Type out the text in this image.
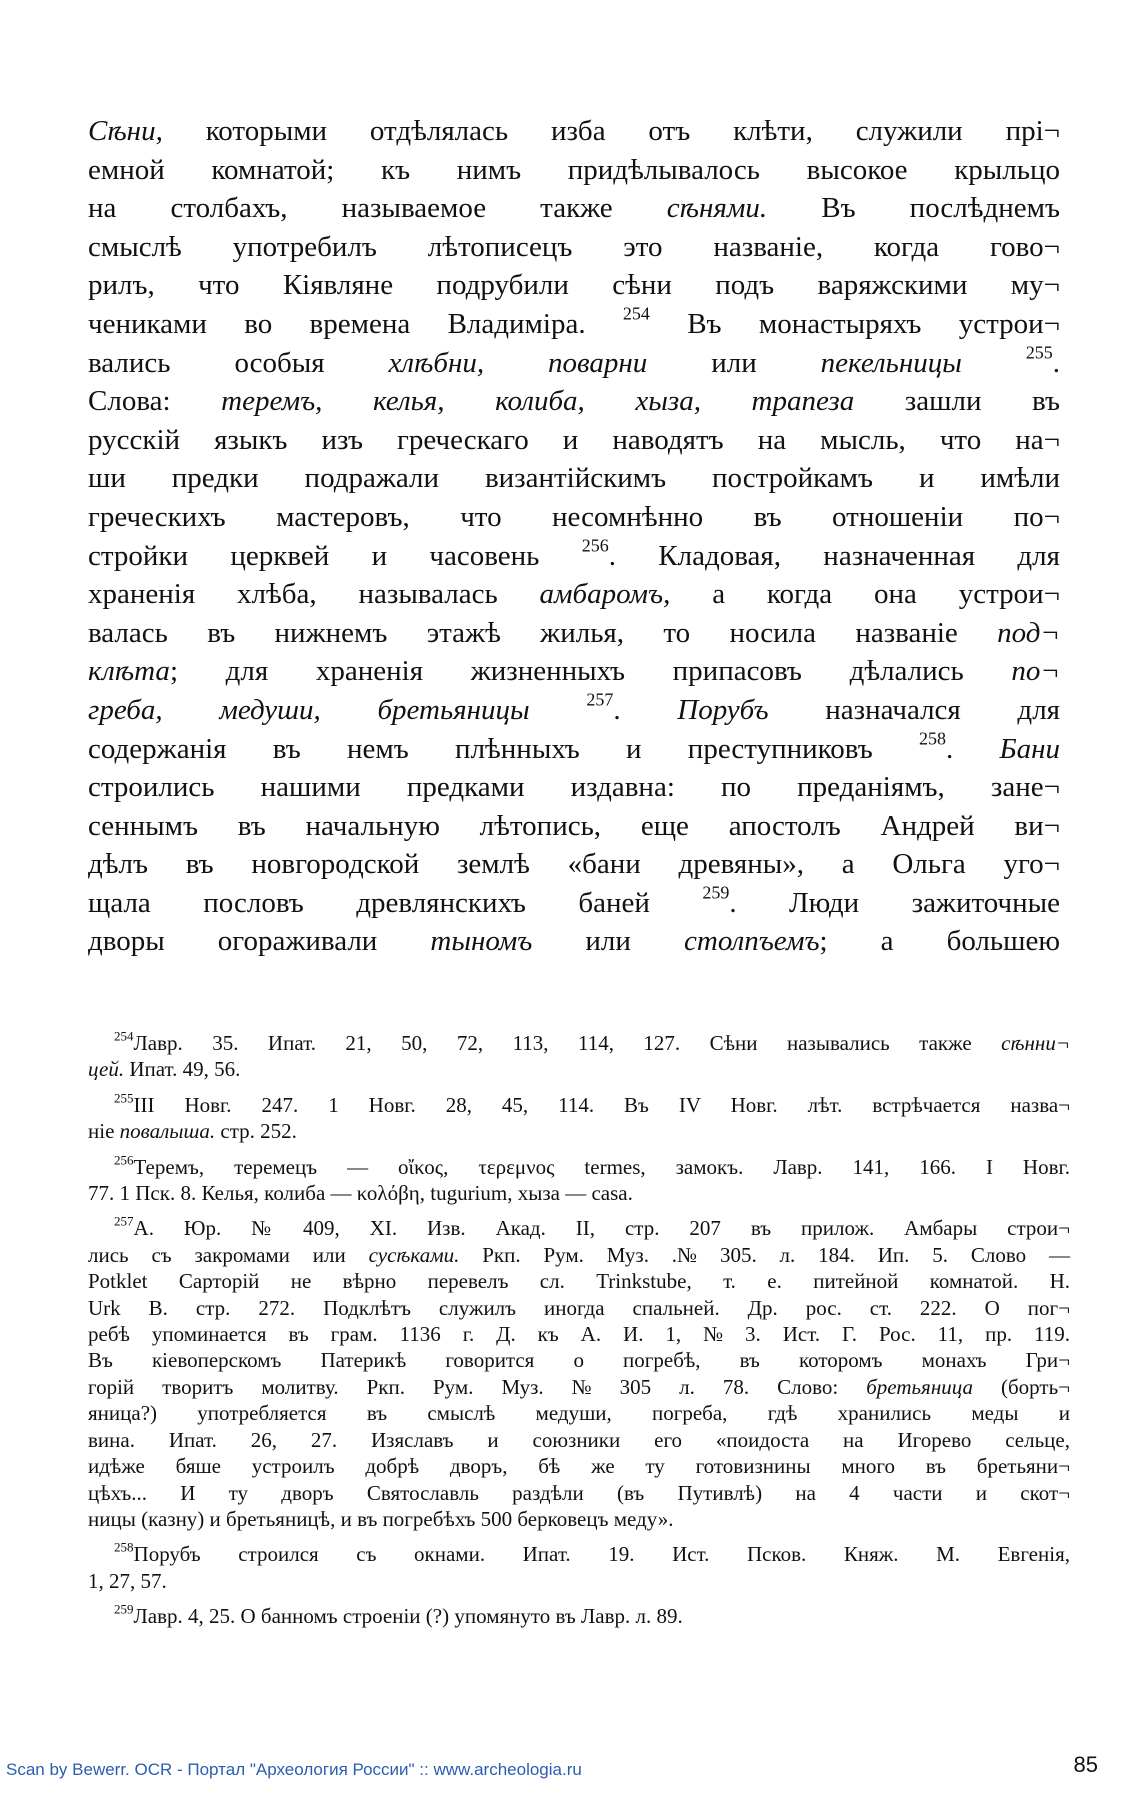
Сѣни, которыми отдѣлялась изба отъ клѣти, служили прі¬
емной комнатой; къ нимъ придѣлывалось высокое крыльцо
на столбахъ, называемое также сѣнями. Въ послѣднемъ
смыслѣ употребилъ лѣтописецъ это названіе, когда гово¬
рилъ, что Кіявляне подрубили сѣни подъ варяжскими му¬
чениками во времена Владиміра. $^{254}$ Въ монастыряхъ устрои¬
вались особыя хлѣбни, поварни или пекельницы	$^{255}$.
Слова: теремъ, келья, колиба, хыза, трапеза зашли въ
русскій языкъ изъ греческаго и наводятъ на мысль, что на¬
ши предки подражали византійскимъ постройкамъ и имѣли
греческихъ мастеровъ, что несомнѣнно въ отношеніи по¬
стройки церквей и часовень $^{256}$. Кладовая, назначенная для
храненія хлѣба, называлась амбаромъ, а когда она устрои¬
валась въ нижнемъ этажѣ жилья, то носила названіе под¬
клѣта; для храненія жизненныхъ припасовъ дѣлались по¬
греба, медуши, бретьяницы	$^{257}$. Порубъ назначался для
содержанія въ немъ плѣнныхъ и преступниковъ $^{258}$. Бани
строились нашими предками издавна: по преданіямъ, зане¬
сеннымъ въ начальную лѣтопись, еще апостолъ Андрей ви¬
дѣлъ въ новгородской землѣ «бани древяны», а Ольга уго¬
щала пословъ древлянскихъ баней $^{259}$. Люди зажиточные
дворы огораживали тыномъ или столпъемъ; а большею
$^{254}$Лавр. 35. Ипат. 21, 50, 72, 113, 114, 127. Сѣни назывались также сѣнни¬
цей. Ипат. 49, 56.
$^{255}$III Новг. 247. 1 Новг. 28, 45, 114. Въ IV Новг. лѣт. встрѣчается назва¬
ніе повалыша. стр. 252.
$^{256}$Теремъ, теремецъ — οἴκος, τερεμνος termes, замокъ. Лавр. 141, 166. I Новг.
77. 1 Пск. 8. Келья, колиба — κολόβη, tugurium, хыза — casa.
$^{257}$А. Юр. № 409, XI. Изв. Акад. II, стр. 207 въ прилож. Амбары строи¬
лись съ закромами или сусѣками. Ркп. Рум. Муз. .№ 305. л. 184. Ип. 5. Слово —
Potklet Сарторій не вѣрно перевелъ сл. Trinkstube, т. е. питейной комнатой. Н.
Urk В. стр. 272. Подклѣтъ служилъ иногда спальней. Др. рос. ст. 222. О пог¬
ребѣ упоминается въ грам. 1136 г. Д. къ А. И. 1, № 3. Ист. Г. Рос. 11, пр. 119.
Въ кіевоперскомъ Патерикѣ говорится о погребѣ, въ которомъ монахъ Гри¬
горій творитъ молитву. Ркп. Рум. Муз. № 305 л. 78. Слово: бретьяница (борть¬
яница?) употребляется въ смыслѣ медуши, погреба, гдѣ хранились меды и
вина. Ипат. 26, 27. Изяславъ и союзники его «поидоста на Игорево сельце,
идѣже бяше устроилъ добрѣ дворъ, бѣ же ту готовизнины много въ бретьяни¬
цѣхъ... И ту дворъ Святославль раздѣли (въ Путивлѣ) на 4 части и скот¬
ницы (казну) и бретьяницѣ, и въ погребѣхъ 500 берковецъ меду».
$^{258}$Порубъ строился съ окнами. Ипат. 19. Ист. Псков. Княж. М. Евгенія,
1, 27, 57.
$^{259}$Лавр. 4, 25. О банномъ строеніи (?) упомянуто въ Лавр. л. 89.
Scan by Bewerr. OCR - Портал "Археология России" :: www.archeologia.ru	85
